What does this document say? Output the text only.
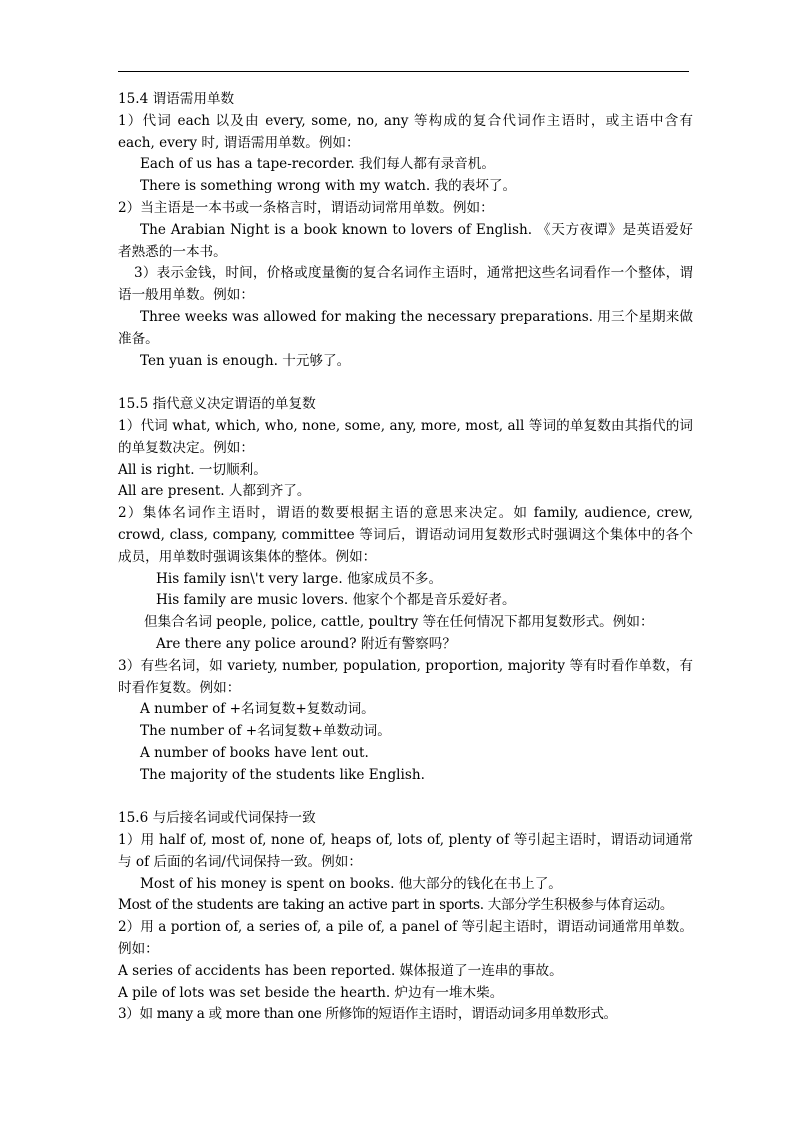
15.4 谓语需用单数

1）代词 each 以及由 every, some, no, any 等构成的复合代词作主语时，或主语中含有 each, every 时, 谓语需用单数。例如：

Each of us has a tape-recorder. 我们每人都有录音机。

There is something wrong with my watch. 我的表坏了。

2）当主语是一本书或一条格言时，谓语动词常用单数。例如：

The Arabian Night is a book known to lovers of English. 《天方夜谭》是英语爱好者熟悉的一本书。

3）表示金钱，时间，价格或度量衡的复合名词作主语时，通常把这些名词看作一个整体，谓语一般用单数。例如：

Three weeks was allowed for making the necessary preparations. 用三个星期来做准备。

Ten yuan is enough. 十元够了。

15.5 指代意义决定谓语的单复数

1）代词 what, which, who, none, some, any, more, most, all 等词的单复数由其指代的词的单复数决定。例如：

All is right. 一切顺利。

All are present. 人都到齐了。

2）集体名词作主语时，谓语的数要根据主语的意思来决定。如 family, audience, crew, crowd, class, company, committee 等词后，谓语动词用复数形式时强调这个集体中的各个成员，用单数时强调该集体的整体。例如：

His family isn\'t very large. 他家成员不多。

His family are music lovers. 他家个个都是音乐爱好者。

但集合名词 people, police, cattle, poultry 等在任何情况下都用复数形式。例如：

Are there any police around? 附近有警察吗？

3）有些名词，如 variety, number, population, proportion, majority 等有时看作单数，有时看作复数。例如：

A number of +名词复数+复数动词。

The number of +名词复数+单数动词。

A number of books have lent out.

The majority of the students like English.

15.6 与后接名词或代词保持一致

1）用 half of, most of, none of, heaps of, lots of, plenty of 等引起主语时，谓语动词通常与 of 后面的名词/代词保持一致。例如：

Most of his money is spent on books. 他大部分的钱化在书上了。

Most of the students are taking an active part in sports. 大部分学生积极参与体育运动。

2）用 a portion of, a series of, a pile of, a panel of 等引起主语时，谓语动词通常用单数。例如：

A series of accidents has been reported. 媒体报道了一连串的事故。

A pile of lots was set beside the hearth. 炉边有一堆木柴。

3）如 many a 或 more than one 所修饰的短语作主语时，谓语动词多用单数形式。
